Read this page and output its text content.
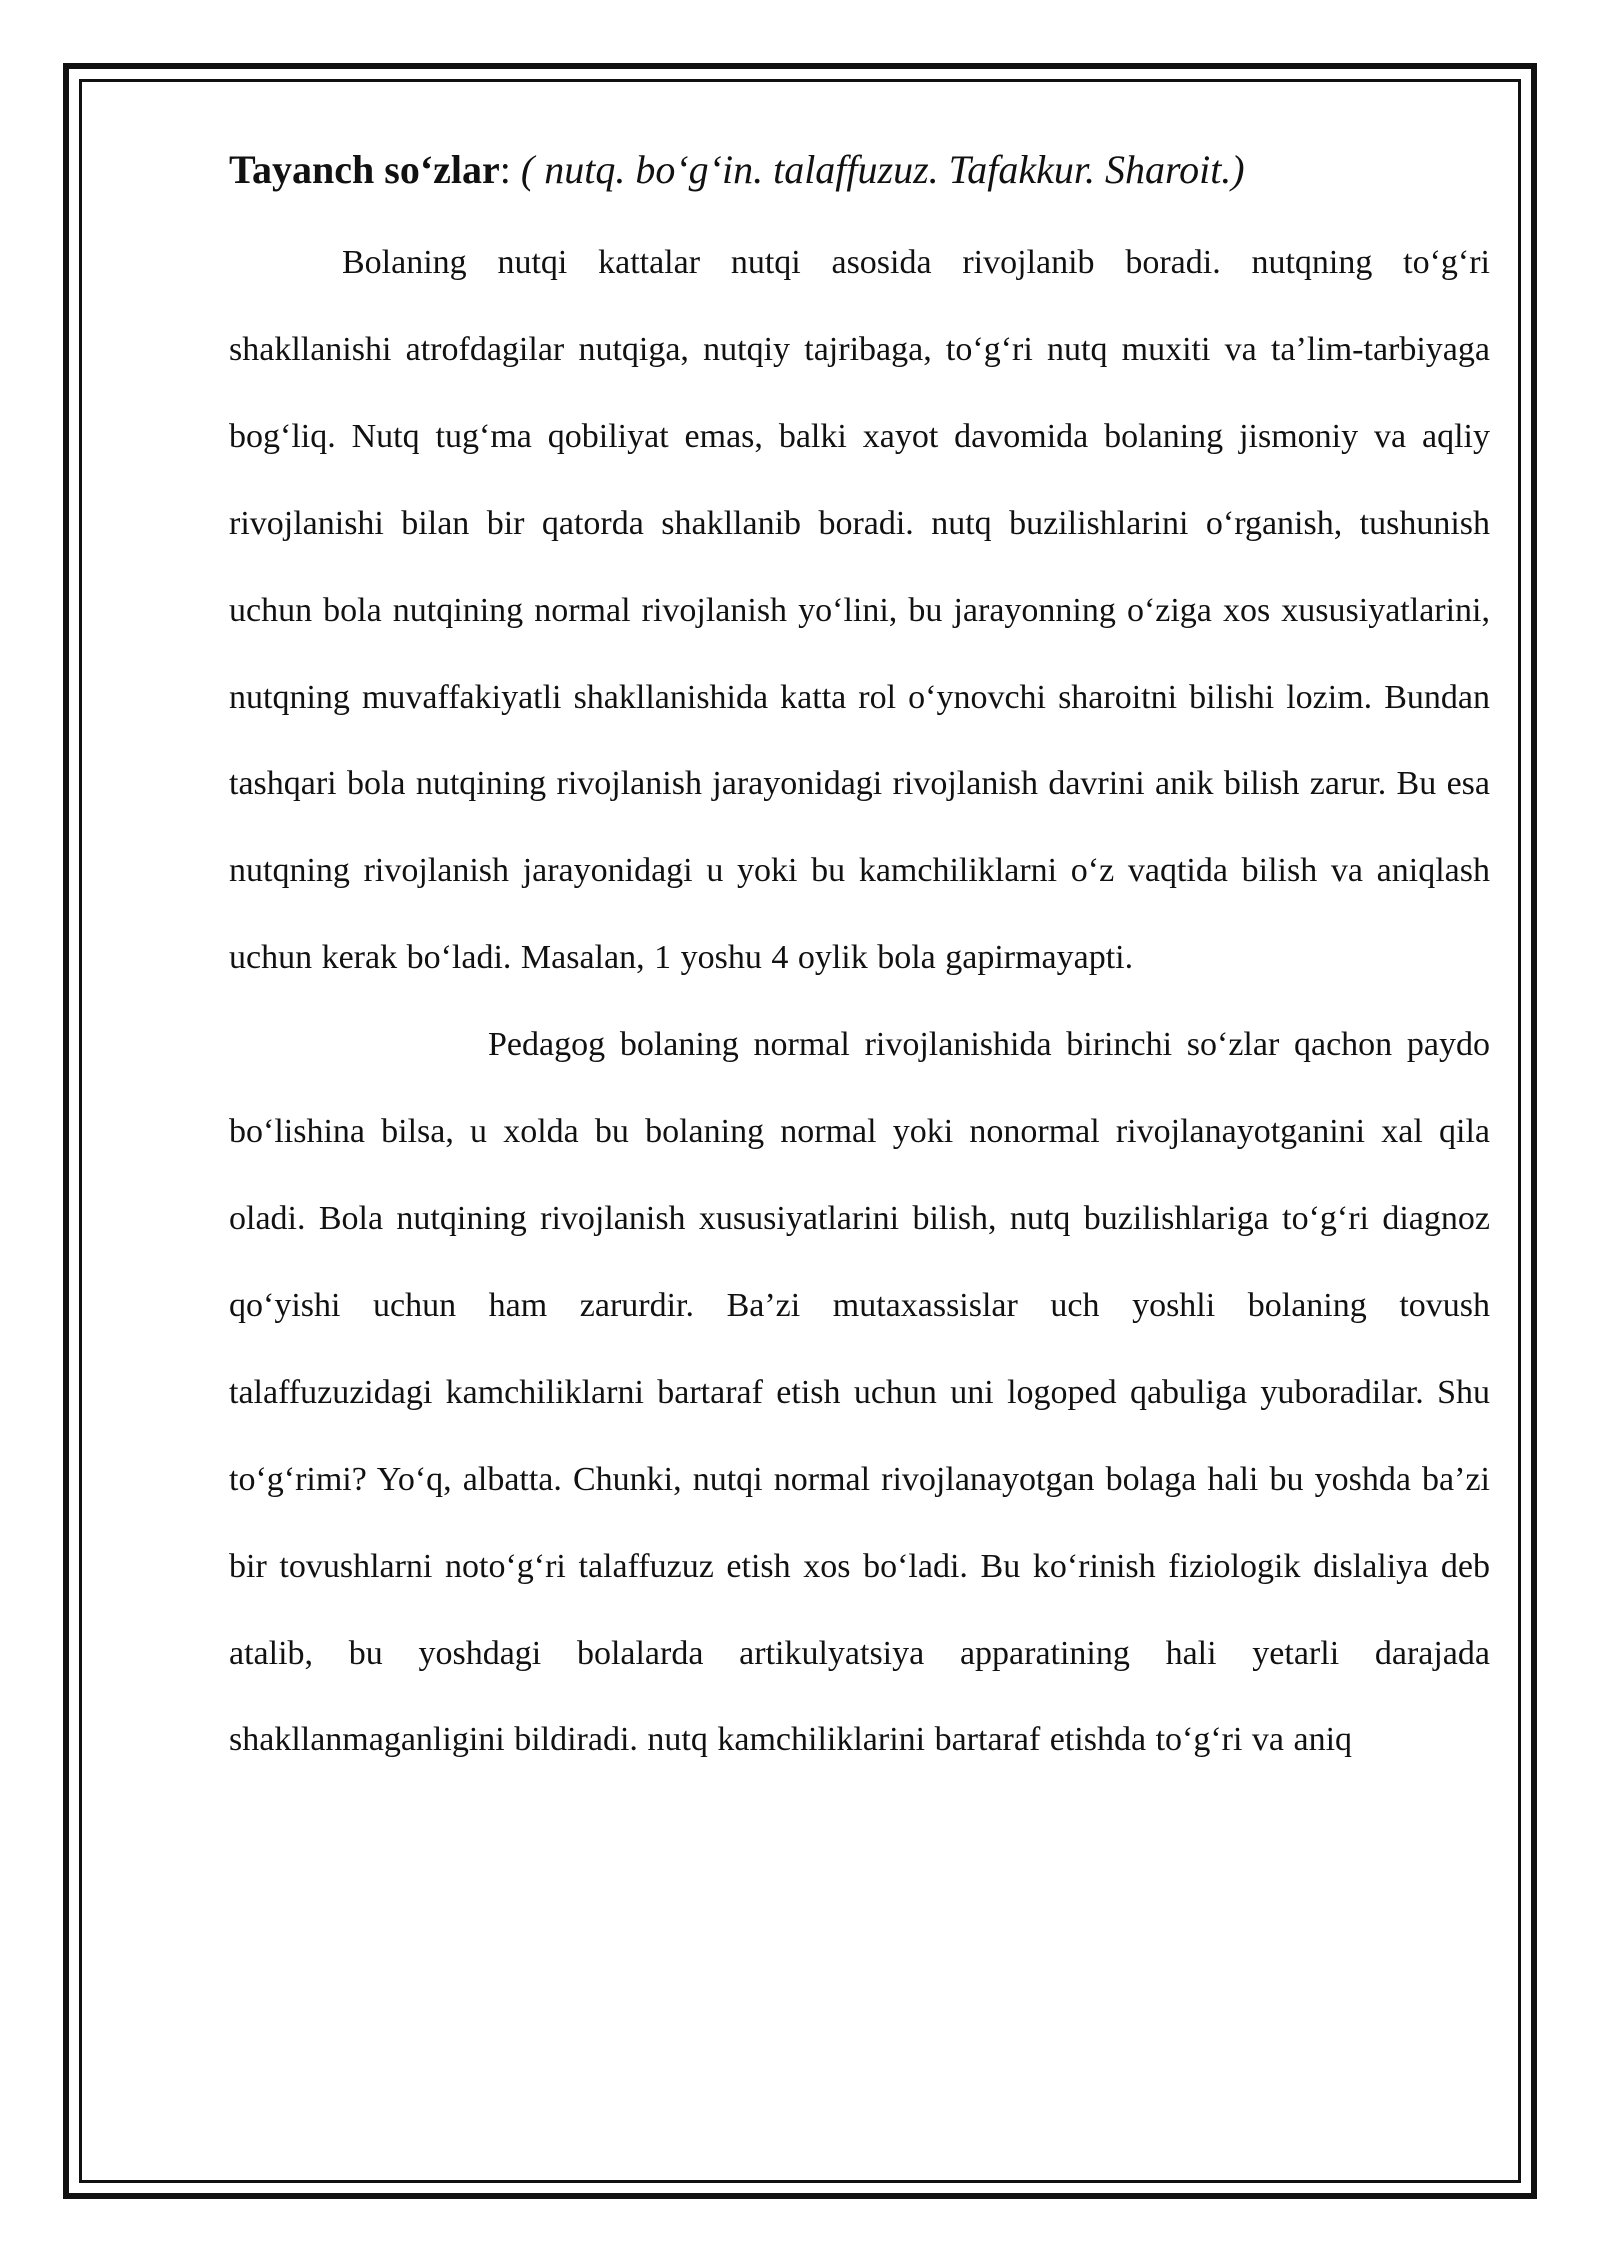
Tayanch so‘zlar: ( nutq. bo‘g‘in. talaffuzuz. Tafakkur. Sharoit.)

Bolaning nutqi kattalar nutqi asosida rivojlanib boradi. nutqning to‘g‘ri shakllanishi atrofdagilar nutqiga, nutqiy tajribaga, to‘g‘ri nutq muxiti va ta’lim-tarbiyaga bog‘liq. Nutq tug‘ma qobiliyat emas, balki xayot davomida bolaning jismoniy va aqliy rivojlanishi bilan bir qatorda shakllanib boradi. nutq buzilishlarini o‘rganish, tushunish uchun bola nutqining normal rivojlanish yo‘lini, bu jarayonning o‘ziga xos xususiyatlarini, nutqning muvaffakiyatli shakllanishida katta rol o‘ynovchi sharoitni bilishi lozim. Bundan tashqari bola nutqining rivojlanish jarayonidagi rivojlanish davrini anik bilish zarur. Bu esa nutqning rivojlanish jarayonidagi u yoki bu kamchiliklarni o‘z vaqtida bilish va aniqlash uchun kerak bo‘ladi. Masalan, 1 yoshu 4 oylik bola gapirmayapti.

Pedagog bolaning normal rivojlanishida birinchi so‘zlar qachon paydo bo‘lishina bilsa, u xolda bu bolaning normal yoki nonormal rivojlanayotganini xal qila oladi. Bola nutqining rivojlanish xususiyatlarini bilish, nutq buzilishlariga to‘g‘ri diagnoz qo‘yishi uchun ham zarurdir. Ba’zi mutaxassislar uch yoshli bolaning tovush talaffuzuzidagi kamchiliklarni bartaraf etish uchun uni logoped qabuliga yuboradilar. Shu to‘g‘rimi? Yo‘q, albatta. Chunki, nutqi normal rivojlanayotgan bolaga hali bu yoshda ba’zi bir tovushlarni noto‘g‘ri talaffuzuz etish xos bo‘ladi. Bu ko‘rinish fiziologik dislaliya deb atalib, bu yoshdagi bolalarda artikulyatsiya apparatining hali yetarli darajada shakllanmaganligini bildiradi. nutq kamchiliklarini bartaraf etishda to‘g‘ri va aniq
